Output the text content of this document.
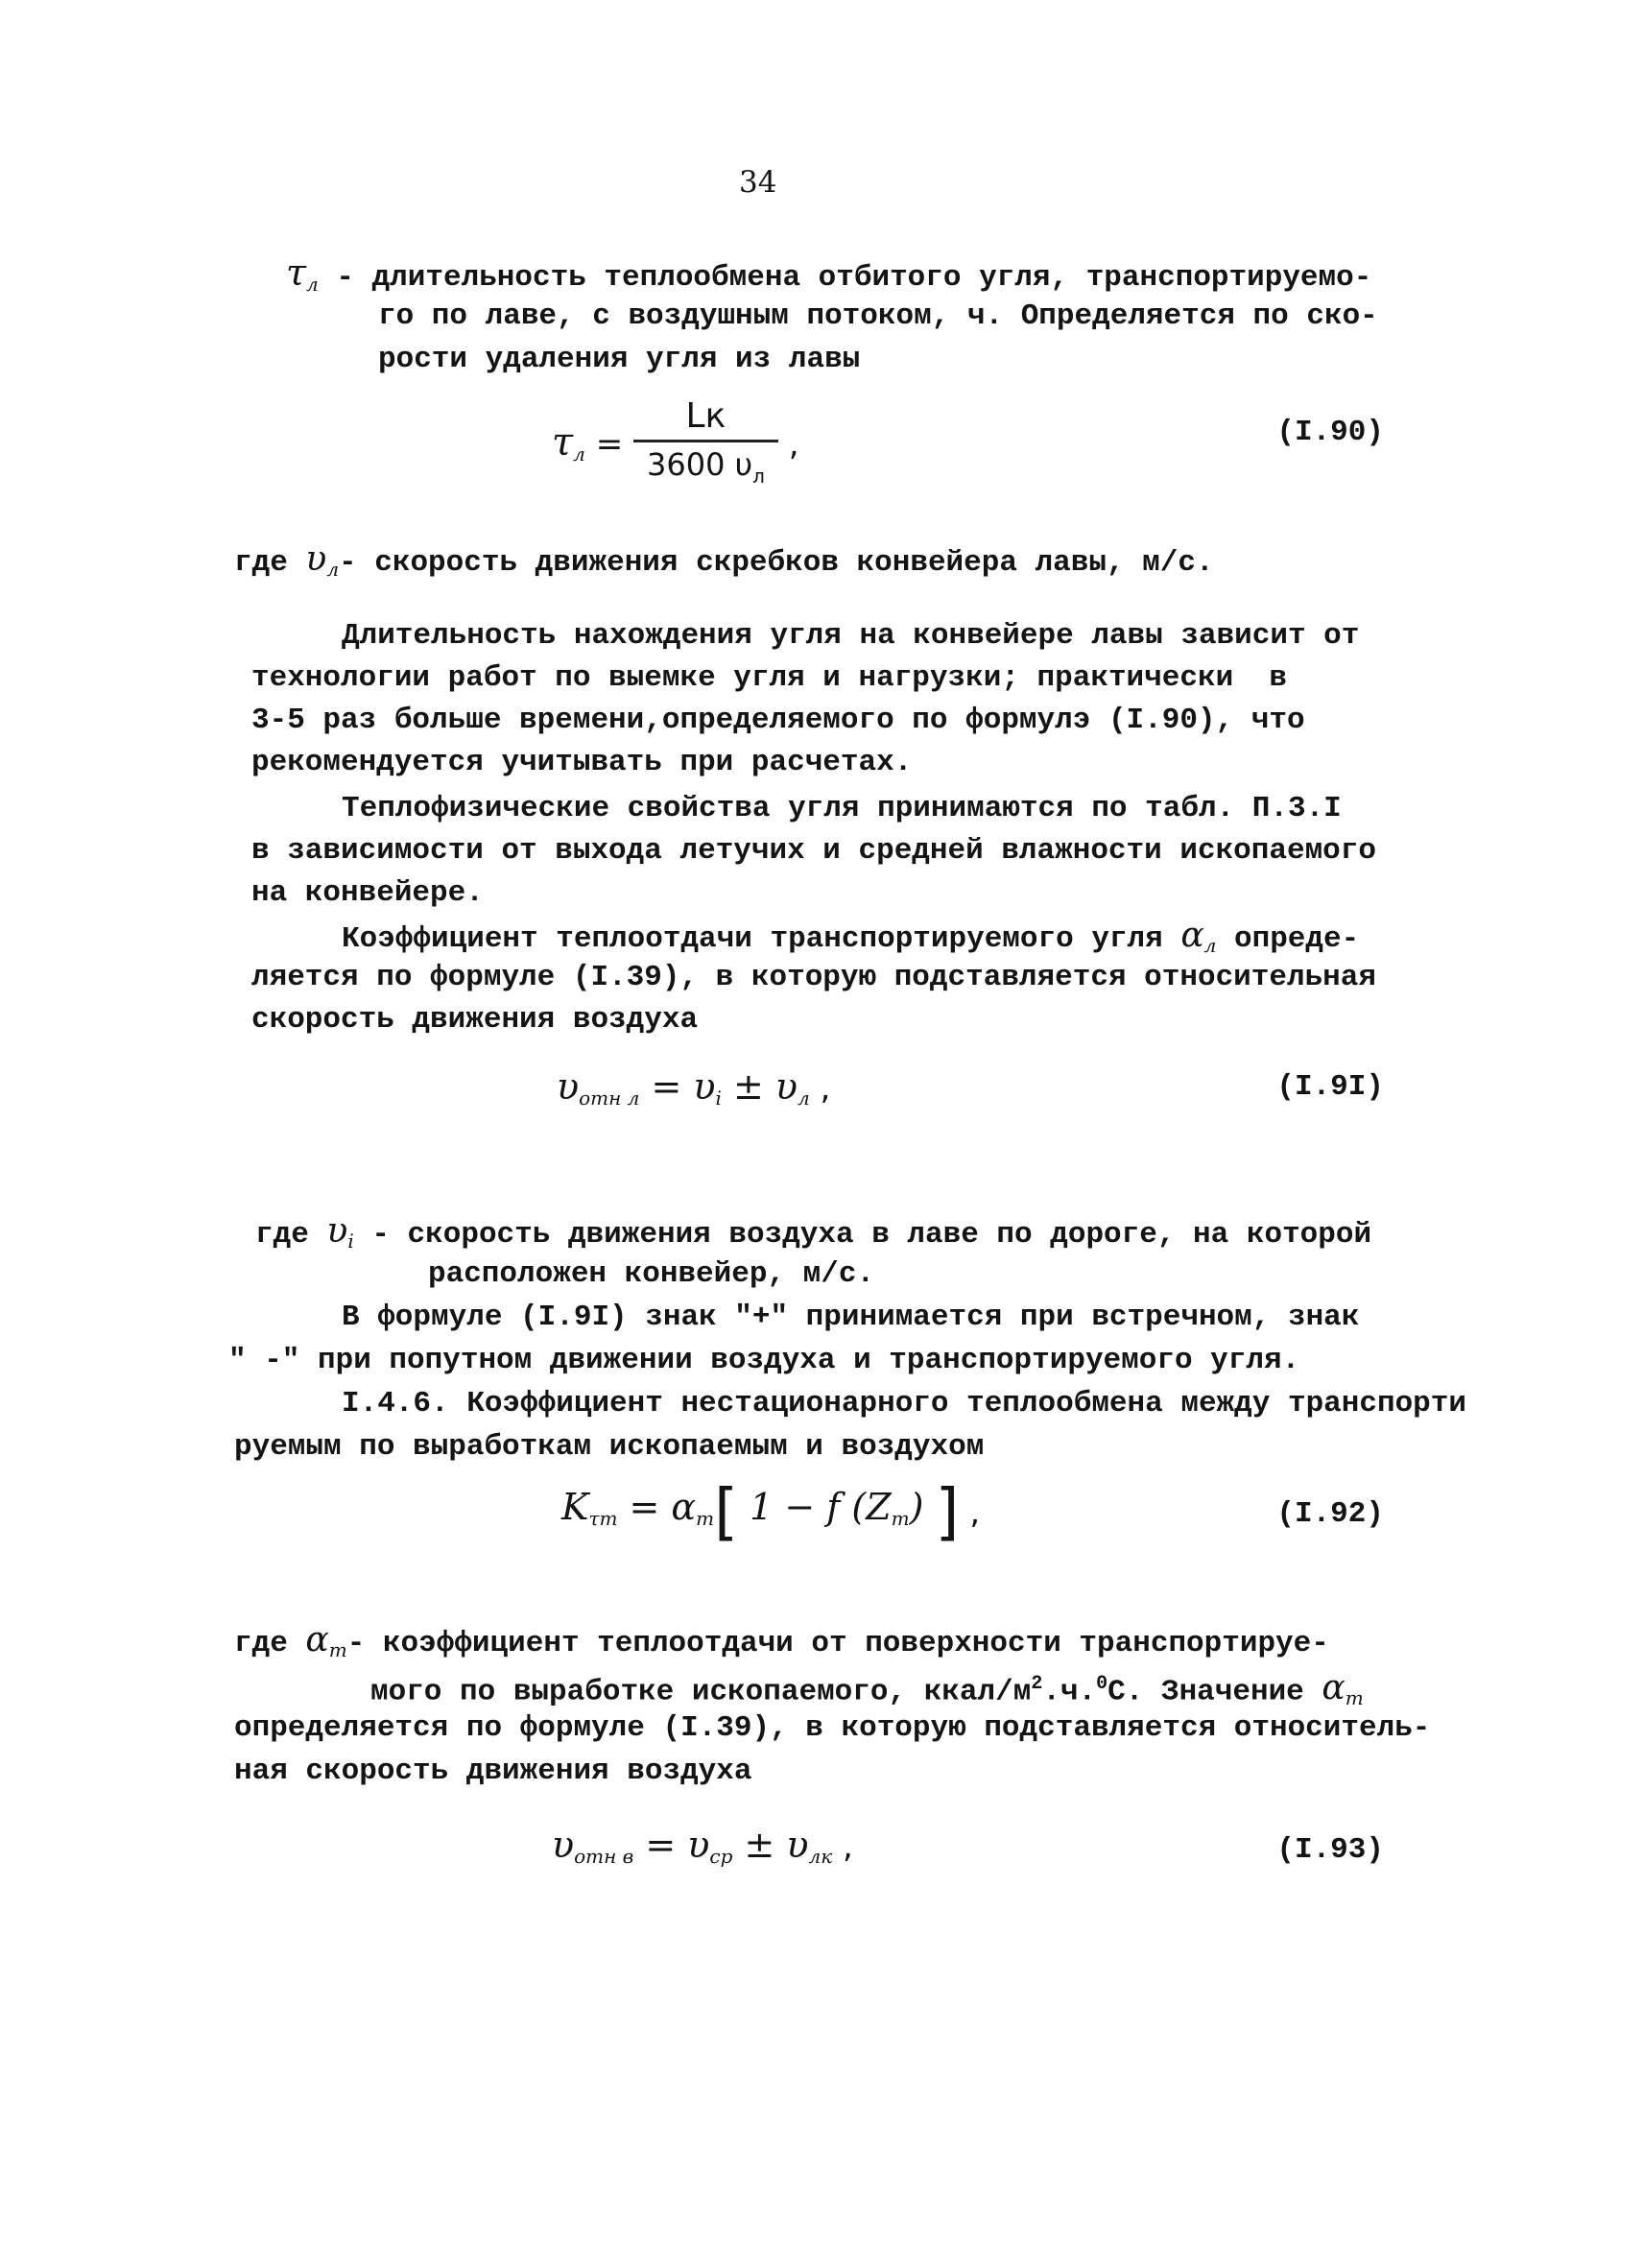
34
$\tau_л$ - длительность теплообмена отбитого угля, транспортируемо-
го по лаве, с воздушным потоком, ч. Определяется по ско-
рости удаления угля из лавы
$\tau_л = \frac{Lк}{3600 \upsilon_л}$ ,	(I.90)
где $\upsilon_л-$ скорость движения скребков конвейера лавы, м/с.
Длительность нахождения угля на конвейере лавы зависит от
технологии работ по выемке угля и нагрузки; практически  в
3-5 раз больше времени,определяемого по формулэ (I.90), что
рекомендуется учитывать при расчетах.
Теплофизические свойства угля принимаются по табл. П.3.I
в зависимости от выхода летучих и средней влажности ископаемого
на конвейере.
Коэффициент теплоотдачи транспортируемого угля $\alpha_л$ опреде-
ляется по формуле (I.39), в которую подставляется относительная
скорость движения воздуха
$\upsilon_{отн л} = \upsilon_i \pm \upsilon_л$ ,	(I.9I)
где $\upsilon_i$ - скорость движения воздуха в лаве по дороге, на которой
расположен конвейер, м/с.
В формуле (I.9I) знак "+" принимается при встречном, знак
" -" при попутном движении воздуха и транспортируемого угля.
I.4.6. Коэффициент нестационарного теплообмена между транспорти
руемым по выработкам ископаемым и воздухом
$K_{\tau т} = \alpha_т$[ 1 − f $(Z_т)$ ] ,	(I.92)
где $\alpha_т-$ коэффициент теплоотдачи от поверхности транспортируе-
мого по выработке ископаемого, ккал/$м^2.ч.^0С$. Значение $\alpha_т$
определяется по формуле (I.39), в которую подставляется относитель-
ная скорость движения воздуха
$\upsilon_{отн в} = \upsilon_{ср} \pm \upsilon_{лк}$ ,	(I.93)
